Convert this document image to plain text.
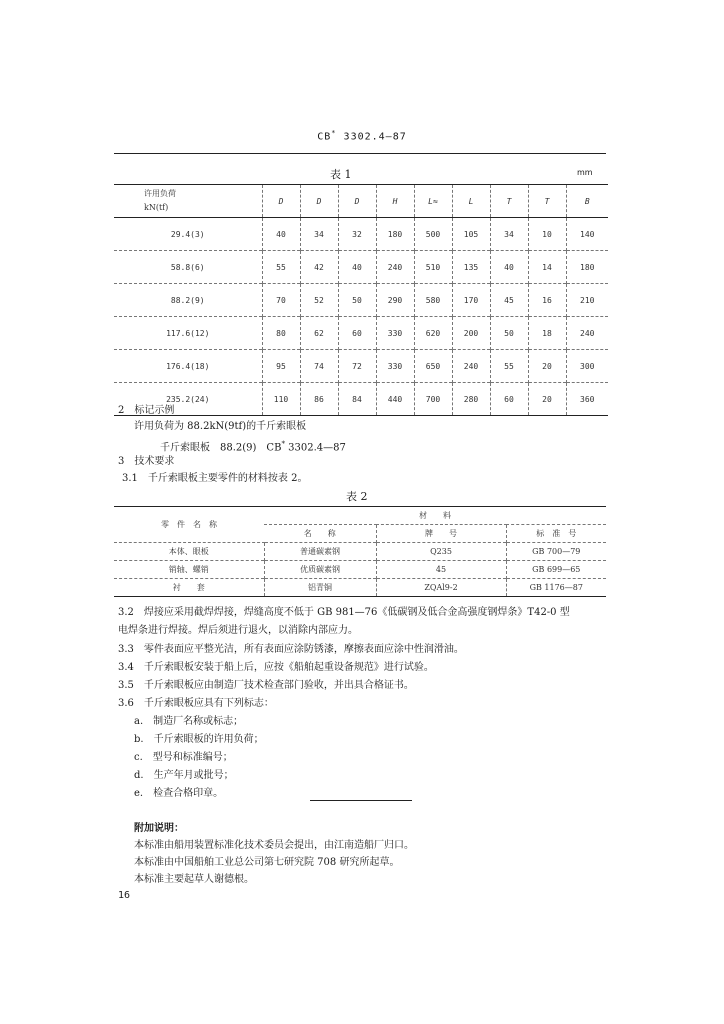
CB* 3302.4—87
表 1	mm
许用负荷
kN(tf)	D	D	D	H	L≈	L	T	T	B
29.4(3)	40	34	32	180	500	105	34	10	140
58.8(6)	55	42	40	240	510	135	40	14	180
88.2(9)	70	52	50	290	580	170	45	16	210
117.6(12)	80	62	60	330	620	200	50	18	240
176.4(18)	95	74	72	330	650	240	55	20	300
235.2(24)	110	86	84	440	700	280	60	20	360
2　标记示例
许用负荷为 88.2kN(9tf)的千斤索眼板
千斤索眼板　88.2(9)　CB* 3302.4—87
3　技术要求
3.1　千斤索眼板主要零件的材料按表 2。
表 2
零　件　名　称	材　　料		
	名　　称	牌　　号	标　准　号
本体、眼板	普通碳素钢	Q235	GB 700—79
销轴、螺销	优质碳素钢	45	GB 699—65
衬　　套	铝青铜	ZQAl9-2	GB 1176—87
3.2　焊接应采用截焊焊接，焊缝高度不低于 GB 981—76《低碳钢及低合金高强度钢焊条》T42-0 型
电焊条进行焊接。焊后须进行退火，以消除内部应力。
3.3　零件表面应平整光洁，所有表面应涂防锈漆，摩擦表面应涂中性润滑油。
3.4　千斤索眼板安装于船上后，应按《船舶起重设备规范》进行试验。
3.5　千斤索眼板应由制造厂技术检查部门验收，并出具合格证书。
3.6　千斤索眼板应具有下列标志：
a.　 制造厂名称或标志；
b.　 千斤索眼板的许用负荷；
c.　 型号和标准编号；
d.　 生产年月或批号；
e.　 检查合格印章。
附加说明：
本标准由船用装置标准化技术委员会提出，由江南造船厂归口。
本标准由中国船舶工业总公司第七研究院 708 研究所起草。
本标准主要起草人谢德根。
16
